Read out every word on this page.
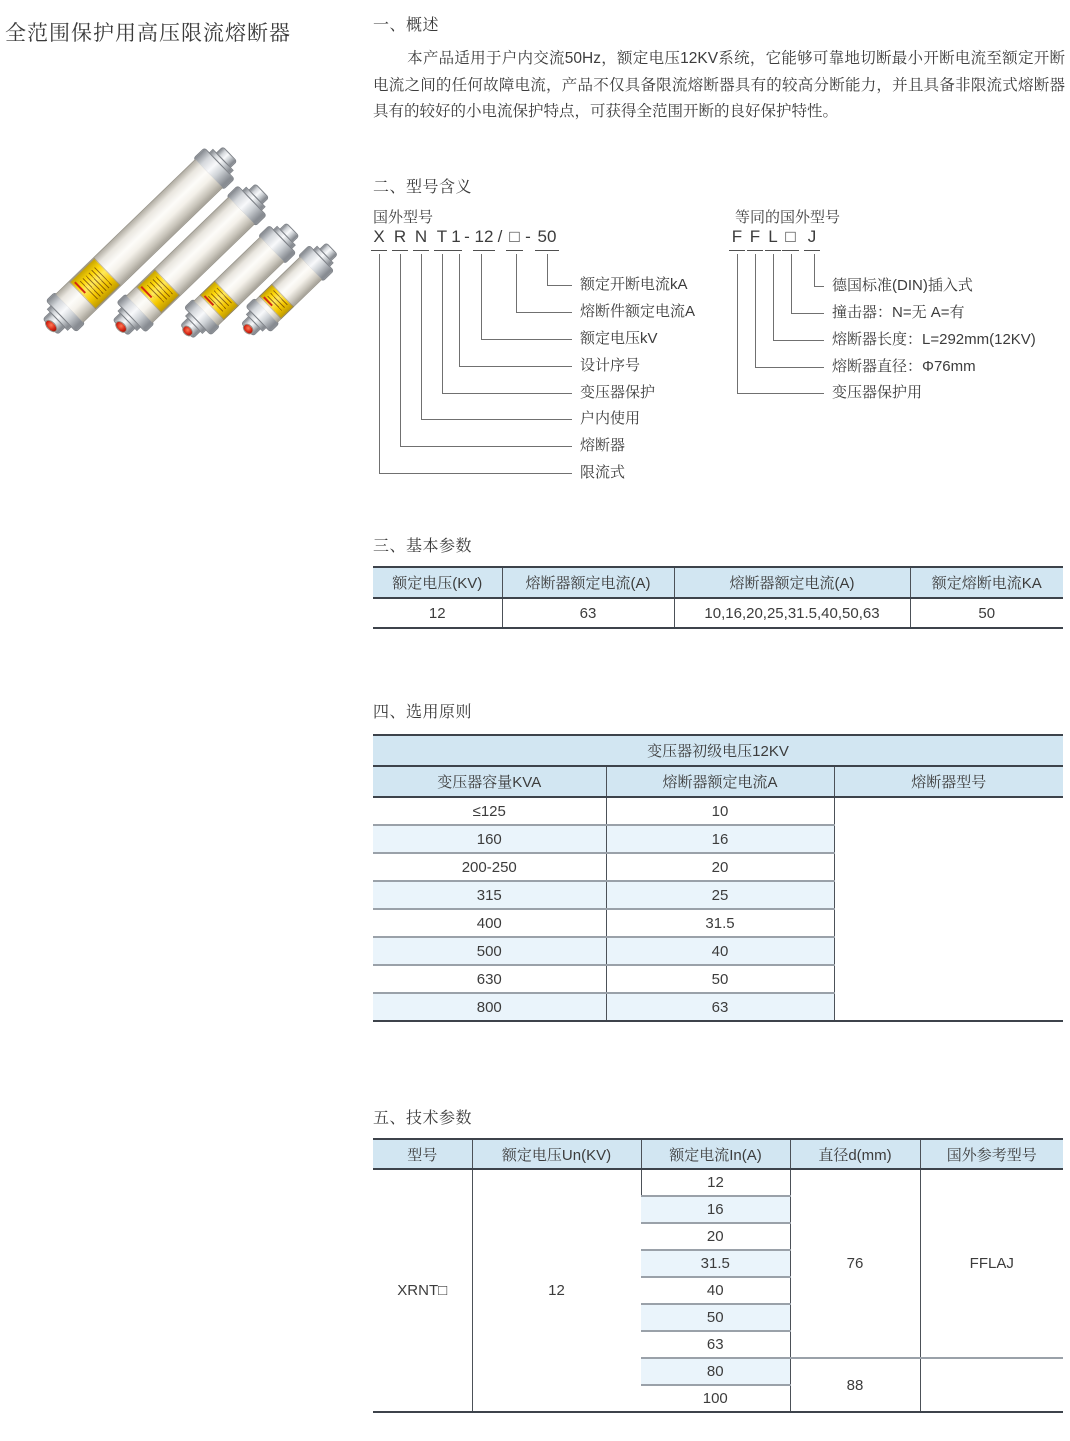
全范围保护用高压限流熔断器	一、概述

本产品适用于户内交流50Hz，额定电压12KV系统，它能够可靠地切断最小开断电流至额定开断电流之间的任何故障电流，产品不仅具备限流熔断器具有的较高分断能力，并且具备非限流式熔断器具有的较好的小电流保护特点，可获得全范围开断的良好保护特性。

二、型号含义
国外型号	等同的国外型号
X R N T 1 - 12 / □ - 50	F F L □ J
额定开断电流kA
熔断件额定电流A
额定电压kV
设计序号
变压器保护
户内使用
熔断器
限流式
德国标准(DIN)插入式
撞击器：N=无 A=有
熔断器长度：L=292mm(12KV)
熔断器直径：Φ76mm
变压器保护用
三、基本参数
额定电压(KV)	熔断器额定电流(A)	熔断器额定电流(A)	额定熔断电流KA
12	63	10,16,20,25,31.5,40,50,63	50
四、选用原则
变压器初级电压12KV		
变压器容量KVA	熔断器额定电流A	熔断器型号
≤125	10	
160	16	
200-250	20	
315	25	
400	31.5	
500	40	
630	50	
800	63	
五、技术参数
型号	额定电压Un(KV)	额定电流In(A)	直径d(mm)	国外参考型号
XRNT□	12	12	76	FFLAJ
		16		
		20		
		31.5		
		40		
		50		
		63		
		80	88	
		100		
